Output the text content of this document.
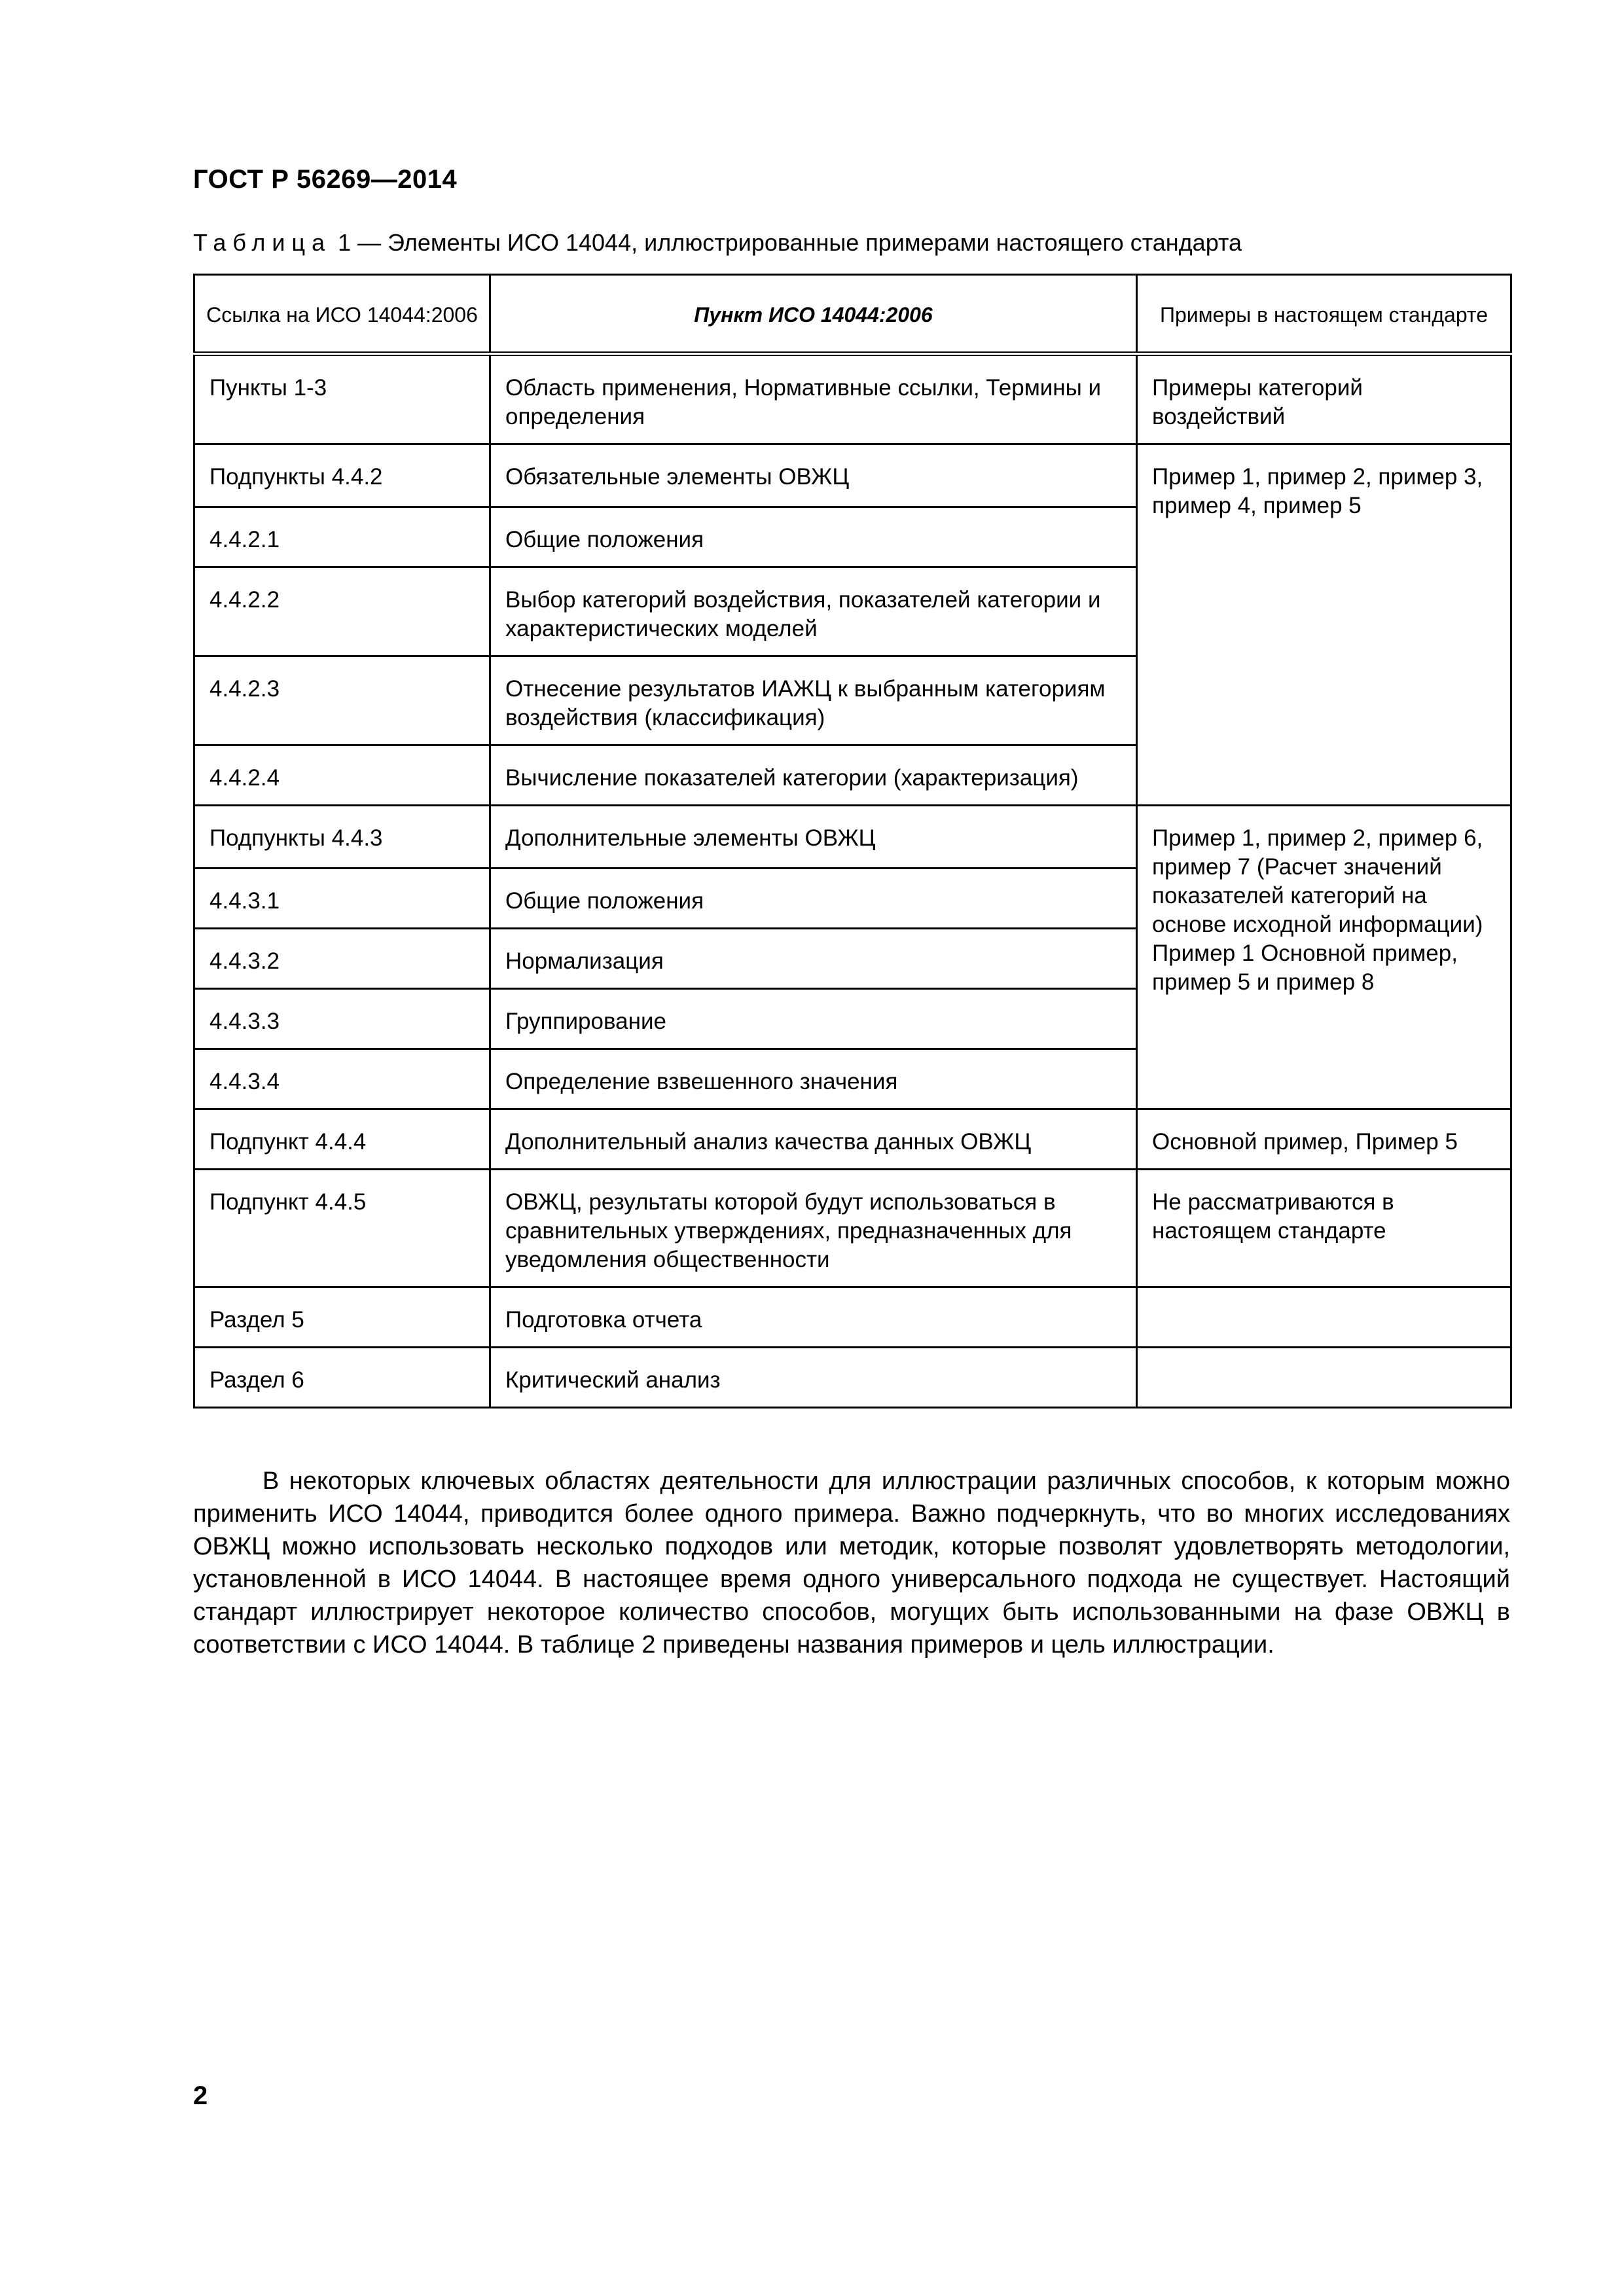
ГОСТ Р 56269—2014
Таблица 1 — Элементы ИСО 14044, иллюстрированные примерами настоящего стандарта
Ссылка на ИСО 14044:2006	Пункт ИСО 14044:2006	Примеры в настоящем стандарте
Пункты 1-3	Область применения, Нормативные ссылки, Термины и определения	Примеры категорий воздействий
Подпункты 4.4.2	Обязательные элементы ОВЖЦ	Пример 1, пример 2, пример 3, пример 4, пример 5
4.4.2.1	Общие положения	
4.4.2.2	Выбор категорий воздействия, показателей категории и характеристических моделей	
4.4.2.3	Отнесение результатов ИАЖЦ к выбранным категориям воздействия (классификация)	
4.4.2.4	Вычисление показателей категории (характеризация)	
Подпункты 4.4.3	Дополнительные элементы ОВЖЦ	Пример 1, пример 2, пример 6, пример 7 (Расчет значений показателей категорий на основе исходной информации) Пример 1 Основной пример, пример 5 и пример 8
4.4.3.1	Общие положения	
4.4.3.2	Нормализация	
4.4.3.3	Группирование	
4.4.3.4	Определение взвешенного значения	
Подпункт 4.4.4	Дополнительный анализ качества данных ОВЖЦ	Основной пример, Пример 5
Подпункт 4.4.5	ОВЖЦ, результаты которой будут использоваться в сравнительных утверждениях, предназначенных для уведомления общественности	Не рассматриваются в настоящем стандарте
Раздел 5	Подготовка отчета	
Раздел 6	Критический анализ	

В некоторых ключевых областях деятельности для иллюстрации различных способов, к которым можно применить ИСО 14044, приводится более одного примера. Важно подчеркнуть, что во многих исследованиях ОВЖЦ можно использовать несколько подходов или методик, которые позволят удовлетворять методологии, установленной в ИСО 14044. В настоящее время одного универсального подхода не существует. Настоящий стандарт иллюстрирует некоторое количество способов, могущих быть использованными на фазе ОВЖЦ в соответствии с ИСО 14044. В таблице 2 приведены названия примеров и цель иллюстрации.

2
